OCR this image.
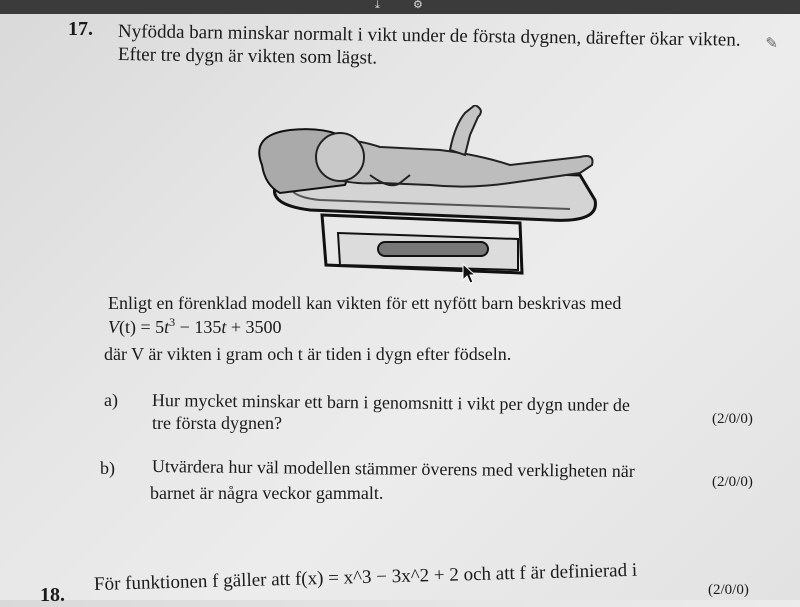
⤓	⚙
✎
17. Nyfödda barn minskar normalt i vikt under de första dygnen, därefter ökar vikten.
Efter tre dygn är vikten som lägst.
Enligt en förenklad modell kan vikten för ett nyfött barn beskrivas med
$V(t) = 5t^3 - 135t + 3500$
där V är vikten i gram och t är tiden i dygn efter födseln.
a) Hur mycket minskar ett barn i genomsnitt i vikt per dygn under de
tre första dygnen?	(2/0/0)
b) Utvärdera hur väl modellen stämmer överens med verkligheten när
barnet är några veckor gammalt.
(2/0/0)
18.
För funktionen f gäller att f(x) = x^3 − 3x^2 + 2 och att f är definierad i	(2/0/0)
